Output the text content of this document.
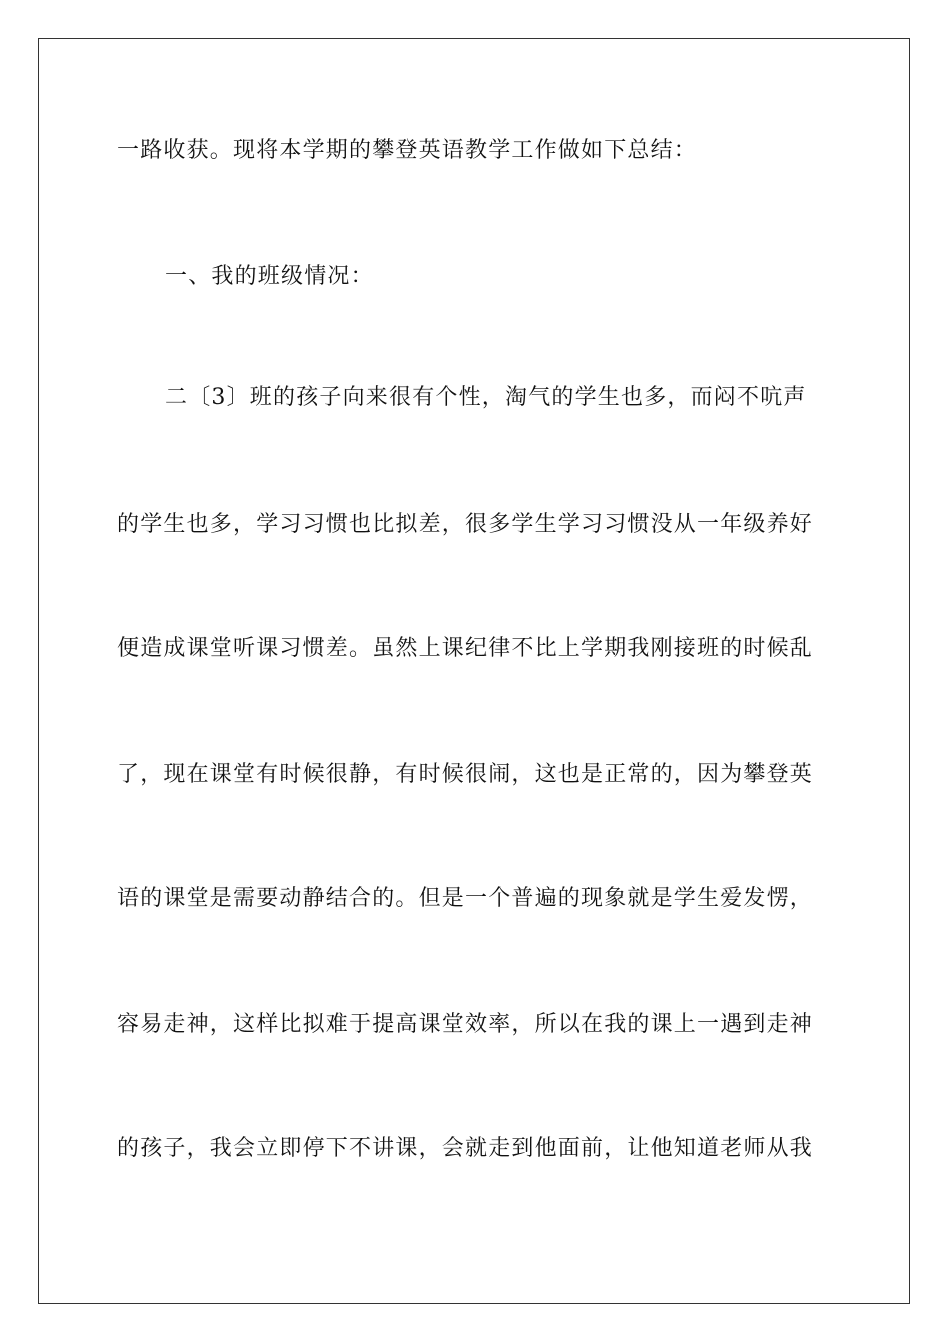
一路收获。现将本学期的攀登英语教学工作做如下总结：
一、我的班级情况：
二〔3〕班的孩子向来很有个性，淘气的学生也多，而闷不吭声
的学生也多，学习习惯也比拟差，很多学生学习习惯没从一年级养好
便造成课堂听课习惯差。虽然上课纪律不比上学期我刚接班的时候乱
了，现在课堂有时候很静，有时候很闹，这也是正常的，因为攀登英
语的课堂是需要动静结合的。但是一个普遍的现象就是学生爱发愣，
容易走神，这样比拟难于提高课堂效率，所以在我的课上一遇到走神
的孩子，我会立即停下不讲课，会就走到他面前，让他知道老师从我
